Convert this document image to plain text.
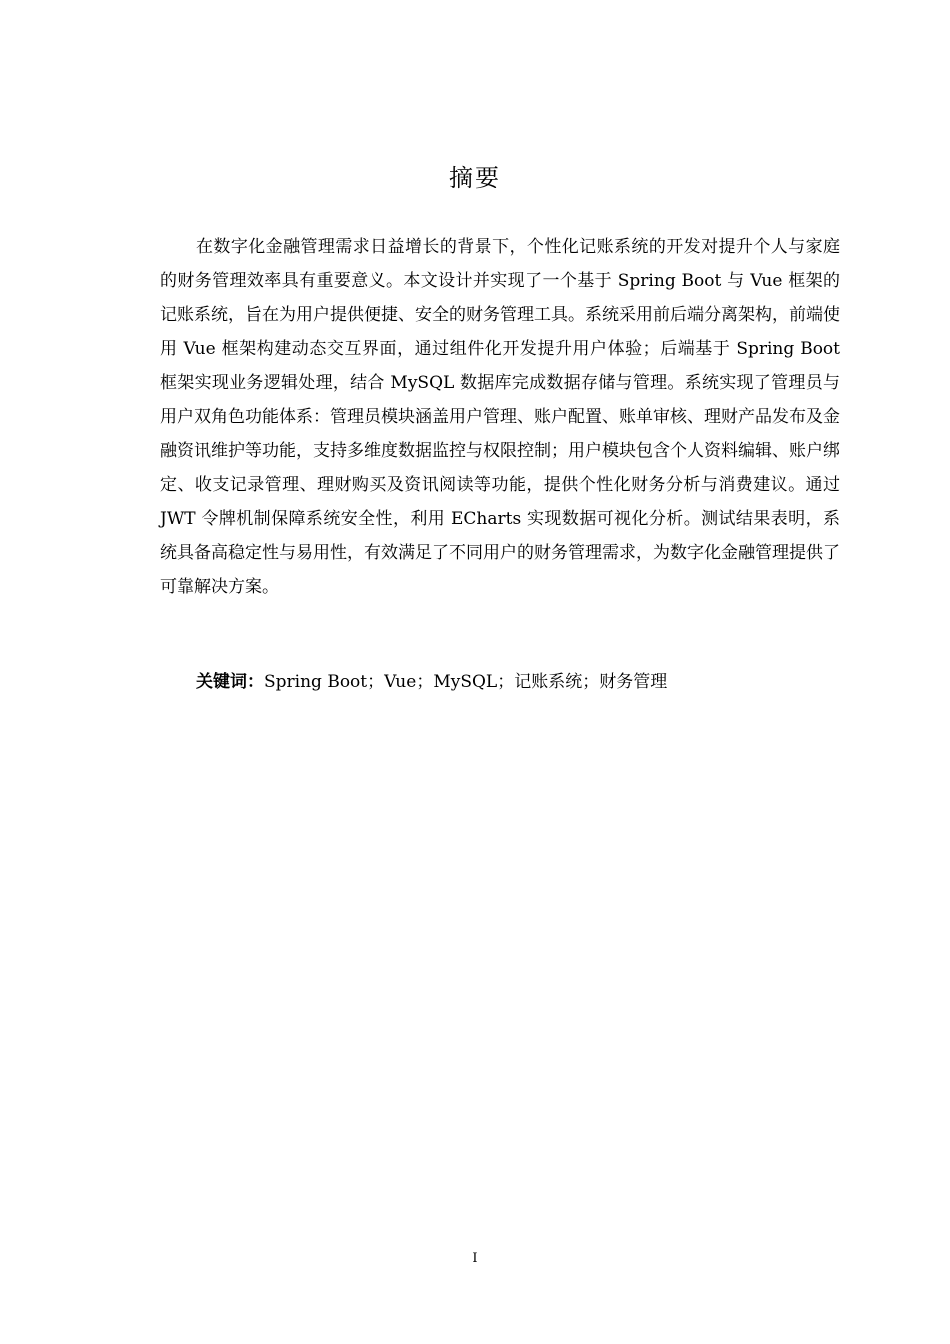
摘要

在数字化金融管理需求日益增长的背景下，个性化记账系统的开发对提升个人与家庭的财务管理效率具有重要意义。本文设计并实现了一个基于 Spring Boot 与 Vue 框架的记账系统，旨在为用户提供便捷、安全的财务管理工具。系统采用前后端分离架构，前端使用 Vue 框架构建动态交互界面，通过组件化开发提升用户体验；后端基于 Spring Boot 框架实现业务逻辑处理，结合 MySQL 数据库完成数据存储与管理。系统实现了管理员与用户双角色功能体系：管理员模块涵盖用户管理、账户配置、账单审核、理财产品发布及金融资讯维护等功能，支持多维度数据监控与权限控制；用户模块包含个人资料编辑、账户绑定、收支记录管理、理财购买及资讯阅读等功能，提供个性化财务分析与消费建议。通过 JWT 令牌机制保障系统安全性，利用 ECharts 实现数据可视化分析。测试结果表明，系统具备高稳定性与易用性，有效满足了不同用户的财务管理需求，为数字化金融管理提供了可靠解决方案。

关键词：Spring Boot；Vue；MySQL；记账系统；财务管理

I
